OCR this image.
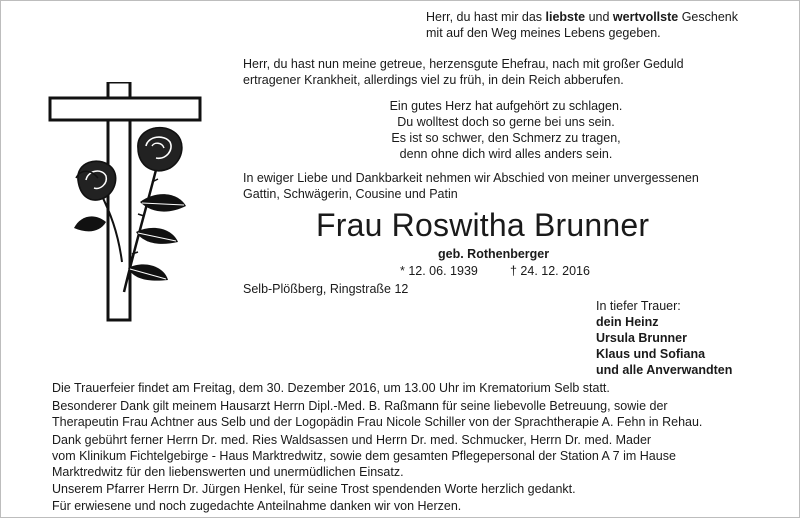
Herr, du hast mir das liebste und wertvollste Geschenk
mit auf den Weg meines Lebens gegeben.
Herr, du hast nun meine getreue, herzensgute Ehefrau, nach mit großer Geduld
ertragener Krankheit, allerdings viel zu früh, in dein Reich abberufen.
Ein gutes Herz hat aufgehört zu schlagen.
Du wolltest doch so gerne bei uns sein.
Es ist so schwer, den Schmerz zu tragen,
denn ohne dich wird alles anders sein.
In ewiger Liebe und Dankbarkeit nehmen wir Abschied von meiner unvergessenen
Gattin, Schwägerin, Cousine und Patin
Frau Roswitha Brunner
geb. Rothenberger
* 12. 06. 1939	† 24. 12. 2016
Selb-Plößberg, Ringstraße 12
In tiefer Trauer:
dein Heinz
Ursula Brunner
Klaus und Sofiana
und alle Anverwandten
Die Trauerfeier findet am Freitag, dem 30. Dezember 2016, um 13.00 Uhr im Krematorium Selb statt.
Besonderer Dank gilt meinem Hausarzt Herrn Dipl.-Med. B. Raßmann für seine liebevolle Betreuung, sowie der
Therapeutin Frau Achtner aus Selb und der Logopädin Frau Nicole Schiller von der Sprachtherapie A. Fehn in Rehau.
Dank gebührt ferner Herrn Dr. med. Ries Waldsassen und Herrn Dr. med. Schmucker, Herrn Dr. med. Mader
vom Klinikum Fichtelgebirge - Haus Marktredwitz, sowie dem gesamten Pflegepersonal der Station A 7 im Hause
Marktredwitz für den liebenswerten und unermüdlichen Einsatz.
Unserem Pfarrer Herrn Dr. Jürgen Henkel, für seine Trost spendenden Worte herzlich gedankt.
Für erwiesene und noch zugedachte Anteilnahme danken wir von Herzen.
